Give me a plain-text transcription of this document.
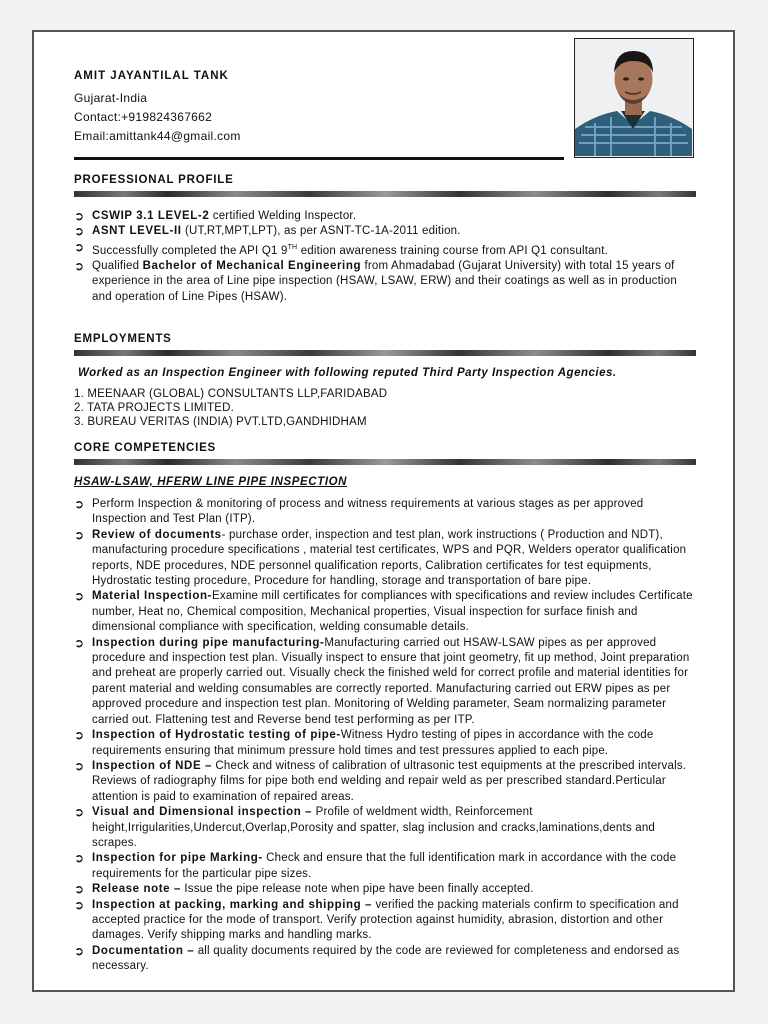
AMIT JAYANTILAL TANK
Gujarat-India
Contact:+919824367662
Email:amittank44@gmail.com
PROFESSIONAL PROFILE
➲ CSWIP 3.1 LEVEL-2 certified Welding Inspector.
➲ ASNT LEVEL-II (UT,RT,MPT,LPT), as per ASNT-TC-1A-2011 edition.
➲ Successfully completed the API Q1 9TH edition awareness training course from API Q1 consultant.
➲ Qualified Bachelor of Mechanical Engineering from Ahmadabad (Gujarat University) with total 15 years of experience in the area of Line pipe inspection (HSAW, LSAW, ERW) and their coatings as well as in production and operation of Line Pipes (HSAW).
EMPLOYMENTS
Worked as an Inspection Engineer with following reputed Third Party Inspection Agencies.
1. MEENAAR (GLOBAL) CONSULTANTS LLP,FARIDABAD
2. TATA PROJECTS LIMITED.
3. BUREAU VERITAS (INDIA) PVT.LTD,GANDHIDHAM
CORE COMPETENCIES
HSAW-LSAW, HFERW LINE PIPE INSPECTION
➲ Perform Inspection & monitoring of process and witness requirements at various stages as per approved Inspection and Test Plan (ITP).
➲ Review of documents- purchase order, inspection and test plan, work instructions ( Production and NDT), manufacturing procedure specifications , material test certificates, WPS and PQR, Welders operator qualification reports, NDE procedures, NDE personnel qualification reports, Calibration certificates for test equipments, Hydrostatic testing procedure, Procedure for handling, storage and transportation of bare pipe.
➲ Material Inspection-Examine mill certificates for compliances with specifications and review includes Certificate number, Heat no, Chemical composition, Mechanical properties, Visual inspection for surface finish and dimensional compliance with specification, welding consumable details.
➲ Inspection during pipe manufacturing-Manufacturing carried out HSAW-LSAW pipes as per approved procedure and inspection test plan. Visually inspect to ensure that joint geometry, fit up method, Joint preparation and preheat are properly carried out. Visually check the finished weld for correct profile and material identities for parent material and welding consumables are correctly reported. Manufacturing carried out ERW pipes as per approved procedure and inspection test plan. Monitoring of Welding parameter, Seam normalizing parameter carried out. Flattening test and Reverse bend test performing as per ITP.
➲ Inspection of Hydrostatic testing of pipe-Witness Hydro testing of pipes in accordance with the code requirements ensuring that minimum pressure hold times and test pressures applied to each pipe.
➲ Inspection of NDE – Check and witness of calibration of ultrasonic test equipments at the prescribed intervals. Reviews of radiography films for pipe both end welding and repair weld as per prescribed standard.Perticular attention is paid to examination of repaired areas.
➲ Visual and Dimensional inspection – Profile of weldment width, Reinforcement height,Irrigularities,Undercut,Overlap,Porosity and spatter, slag inclusion and cracks,laminations,dents and scrapes.
➲ Inspection for pipe Marking- Check and ensure that the full identification mark in accordance with the code requirements for the particular pipe sizes.
➲ Release note – Issue the pipe release note when pipe have been finally accepted.
➲ Inspection at packing, marking and shipping – verified the packing materials confirm to specification and accepted practice for the mode of transport. Verify protection against humidity, abrasion, distortion and other damages. Verify shipping marks and handling marks.
➲ Documentation – all quality documents required by the code are reviewed for completeness and endorsed as necessary.
